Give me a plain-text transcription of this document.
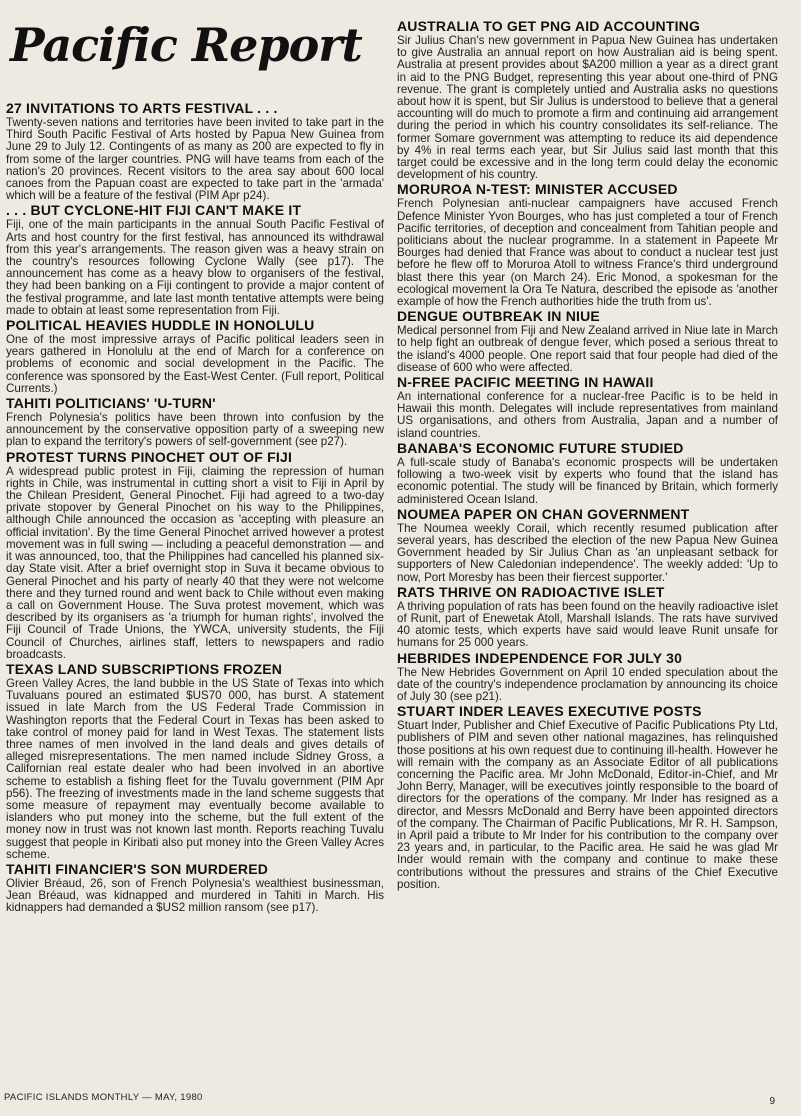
Pacific Report
27 INVITATIONS TO ARTS FESTIVAL . . .
Twenty-seven nations and territories have been invited to take part in the Third South Pacific Festival of Arts hosted by Papua New Guinea from June 29 to July 12. Contingents of as many as 200 are expected to fly in from some of the larger countries. PNG will have teams from each of the nation's 20 provinces. Recent visitors to the area say about 600 local canoes from the Papuan coast are expected to take part in the 'armada' which will be a feature of the festival (PIM Apr p24).
. . . BUT CYCLONE-HIT FIJI CAN'T MAKE IT
Fiji, one of the main participants in the annual South Pacific Festival of Arts and host country for the first festival, has announced its withdrawal from this year's arrangements. The reason given was a heavy strain on the country's resources following Cyclone Wally (see p17). The announcement has come as a heavy blow to organisers of the festival, they had been banking on a Fiji contingent to provide a major content of the festival programme, and late last month tentative attempts were being made to obtain at least some representation from Fiji.
POLITICAL HEAVIES HUDDLE IN HONOLULU
One of the most impressive arrays of Pacific political leaders seen in years gathered in Honolulu at the end of March for a conference on problems of economic and social development in the Pacific. The conference was sponsored by the East-West Center. (Full report, Political Currents.)
TAHITI POLITICIANS' 'U-TURN'
French Polynesia's politics have been thrown into confusion by the announcement by the conservative opposition party of a sweeping new plan to expand the territory's powers of self-government (see p27).
PROTEST TURNS PINOCHET OUT OF FIJI
A widespread public protest in Fiji, claiming the repression of human rights in Chile, was instrumental in cutting short a visit to Fiji in April by the Chilean President, General Pinochet. Fiji had agreed to a two-day private stopover by General Pinochet on his way to the Philippines, although Chile announced the occasion as 'accepting with pleasure an official invitation'. By the time General Pinochet arrived however a protest movement was in full swing — including a peaceful demonstration — and it was announced, too, that the Philippines had cancelled his planned six-day State visit. After a brief overnight stop in Suva it became obvious to General Pinochet and his party of nearly 40 that they were not welcome there and they turned round and went back to Chile without even making a call on Government House. The Suva protest movement, which was described by its organisers as 'a triumph for human rights', involved the Fiji Council of Trade Unions, the YWCA, university students, the Fiji Council of Churches, airlines staff, letters to newspapers and radio broadcasts.
TEXAS LAND SUBSCRIPTIONS FROZEN
Green Valley Acres, the land bubble in the US State of Texas into which Tuvaluans poured an estimated $US70 000, has burst. A statement issued in late March from the US Federal Trade Commission in Washington reports that the Federal Court in Texas has been asked to take control of money paid for land in West Texas. The statement lists three names of men involved in the land deals and gives details of alleged misrepresentations. The men named include Sidney Gross, a Californian real estate dealer who had been involved in an abortive scheme to establish a fishing fleet for the Tuvalu government (PIM Apr p56). The freezing of investments made in the land scheme suggests that some measure of repayment may eventually become available to islanders who put money into the scheme, but the full extent of the money now in trust was not known last month. Reports reaching Tuvalu suggest that people in Kiribati also put money into the Green Valley Acres scheme.
TAHITI FINANCIER'S SON MURDERED
Olivier Bréaud, 26, son of French Polynesia's wealthiest businessman, Jean Bréaud, was kidnapped and murdered in Tahiti in March. His kidnappers had demanded a $US2 million ransom (see p17).
AUSTRALIA TO GET PNG AID ACCOUNTING
Sir Julius Chan's new government in Papua New Guinea has undertaken to give Australia an annual report on how Australian aid is being spent. Australia at present provides about $A200 million a year as a direct grant in aid to the PNG Budget, representing this year about one-third of PNG revenue. The grant is completely untied and Australia asks no questions about how it is spent, but Sir Julius is understood to believe that a general accounting will do much to promote a firm and continuing aid arrangement during the period in which his country consolidates its self-reliance. The former Somare government was attempting to reduce its aid dependence by 4% in real terms each year, but Sir Julius said last month that this target could be excessive and in the long term could delay the economic development of his country.
MORUROA N-TEST: MINISTER ACCUSED
French Polynesian anti-nuclear campaigners have accused French Defence Minister Yvon Bourges, who has just completed a tour of French Pacific territories, of deception and concealment from Tahitian people and politicians about the nuclear programme. In a statement in Papeete Mr Bourges had denied that France was about to conduct a nuclear test just before he flew off to Moruroa Atoll to witness France's third underground blast there this year (on March 24). Eric Monod, a spokesman for the ecological movement la Ora Te Natura, described the episode as 'another example of how the French authorities hide the truth from us'.
DENGUE OUTBREAK IN NIUE
Medical personnel from Fiji and New Zealand arrived in Niue late in March to help fight an outbreak of dengue fever, which posed a serious threat to the island's 4000 people. One report said that four people had died of the disease of 600 who were affected.
N-FREE PACIFIC MEETING IN HAWAII
An international conference for a nuclear-free Pacific is to be held in Hawaii this month. Delegates will include representatives from mainland US organisations, and others from Australia, Japan and a number of island countries.
BANABA'S ECONOMIC FUTURE STUDIED
A full-scale study of Banaba's economic prospects will be undertaken following a two-week visit by experts who found that the island has economic potential. The study will be financed by Britain, which formerly administered Ocean Island.
NOUMEA PAPER ON CHAN GOVERNMENT
The Noumea weekly Corail, which recently resumed publication after several years, has described the election of the new Papua New Guinea Government headed by Sir Julius Chan as 'an unpleasant setback for supporters of New Caledonian independence'. The weekly added: 'Up to now, Port Moresby has been their fiercest supporter.'
RATS THRIVE ON RADIOACTIVE ISLET
A thriving population of rats has been found on the heavily radioactive islet of Runit, part of Enewetak Atoll, Marshall Islands. The rats have survived 40 atomic tests, which experts have said would leave Runit unsafe for humans for 25 000 years.
HEBRIDES INDEPENDENCE FOR JULY 30
The New Hebrides Government on April 10 ended speculation about the date of the country's independence proclamation by announcing its choice of July 30 (see p21).
STUART INDER LEAVES EXECUTIVE POSTS
Stuart Inder, Publisher and Chief Executive of Pacific Publications Pty Ltd, publishers of PIM and seven other national magazines, has relinquished those positions at his own request due to continuing ill-health. However he will remain with the company as an Associate Editor of all publications concerning the Pacific area. Mr John McDonald, Editor-in-Chief, and Mr John Berry, Manager, will be executives jointly responsible to the board of directors for the operations of the company. Mr Inder has resigned as a director, and Messrs McDonald and Berry have been appointed directors of the company. The Chairman of Pacific Publications, Mr R. H. Sampson, in April paid a tribute to Mr Inder for his contribution to the company over 23 years and, in particular, to the Pacific area. He said he was glad Mr Inder would remain with the company and continue to make these contributions without the pressures and strains of the Chief Executive position.
PACIFIC ISLANDS MONTHLY — MAY, 1980	9
